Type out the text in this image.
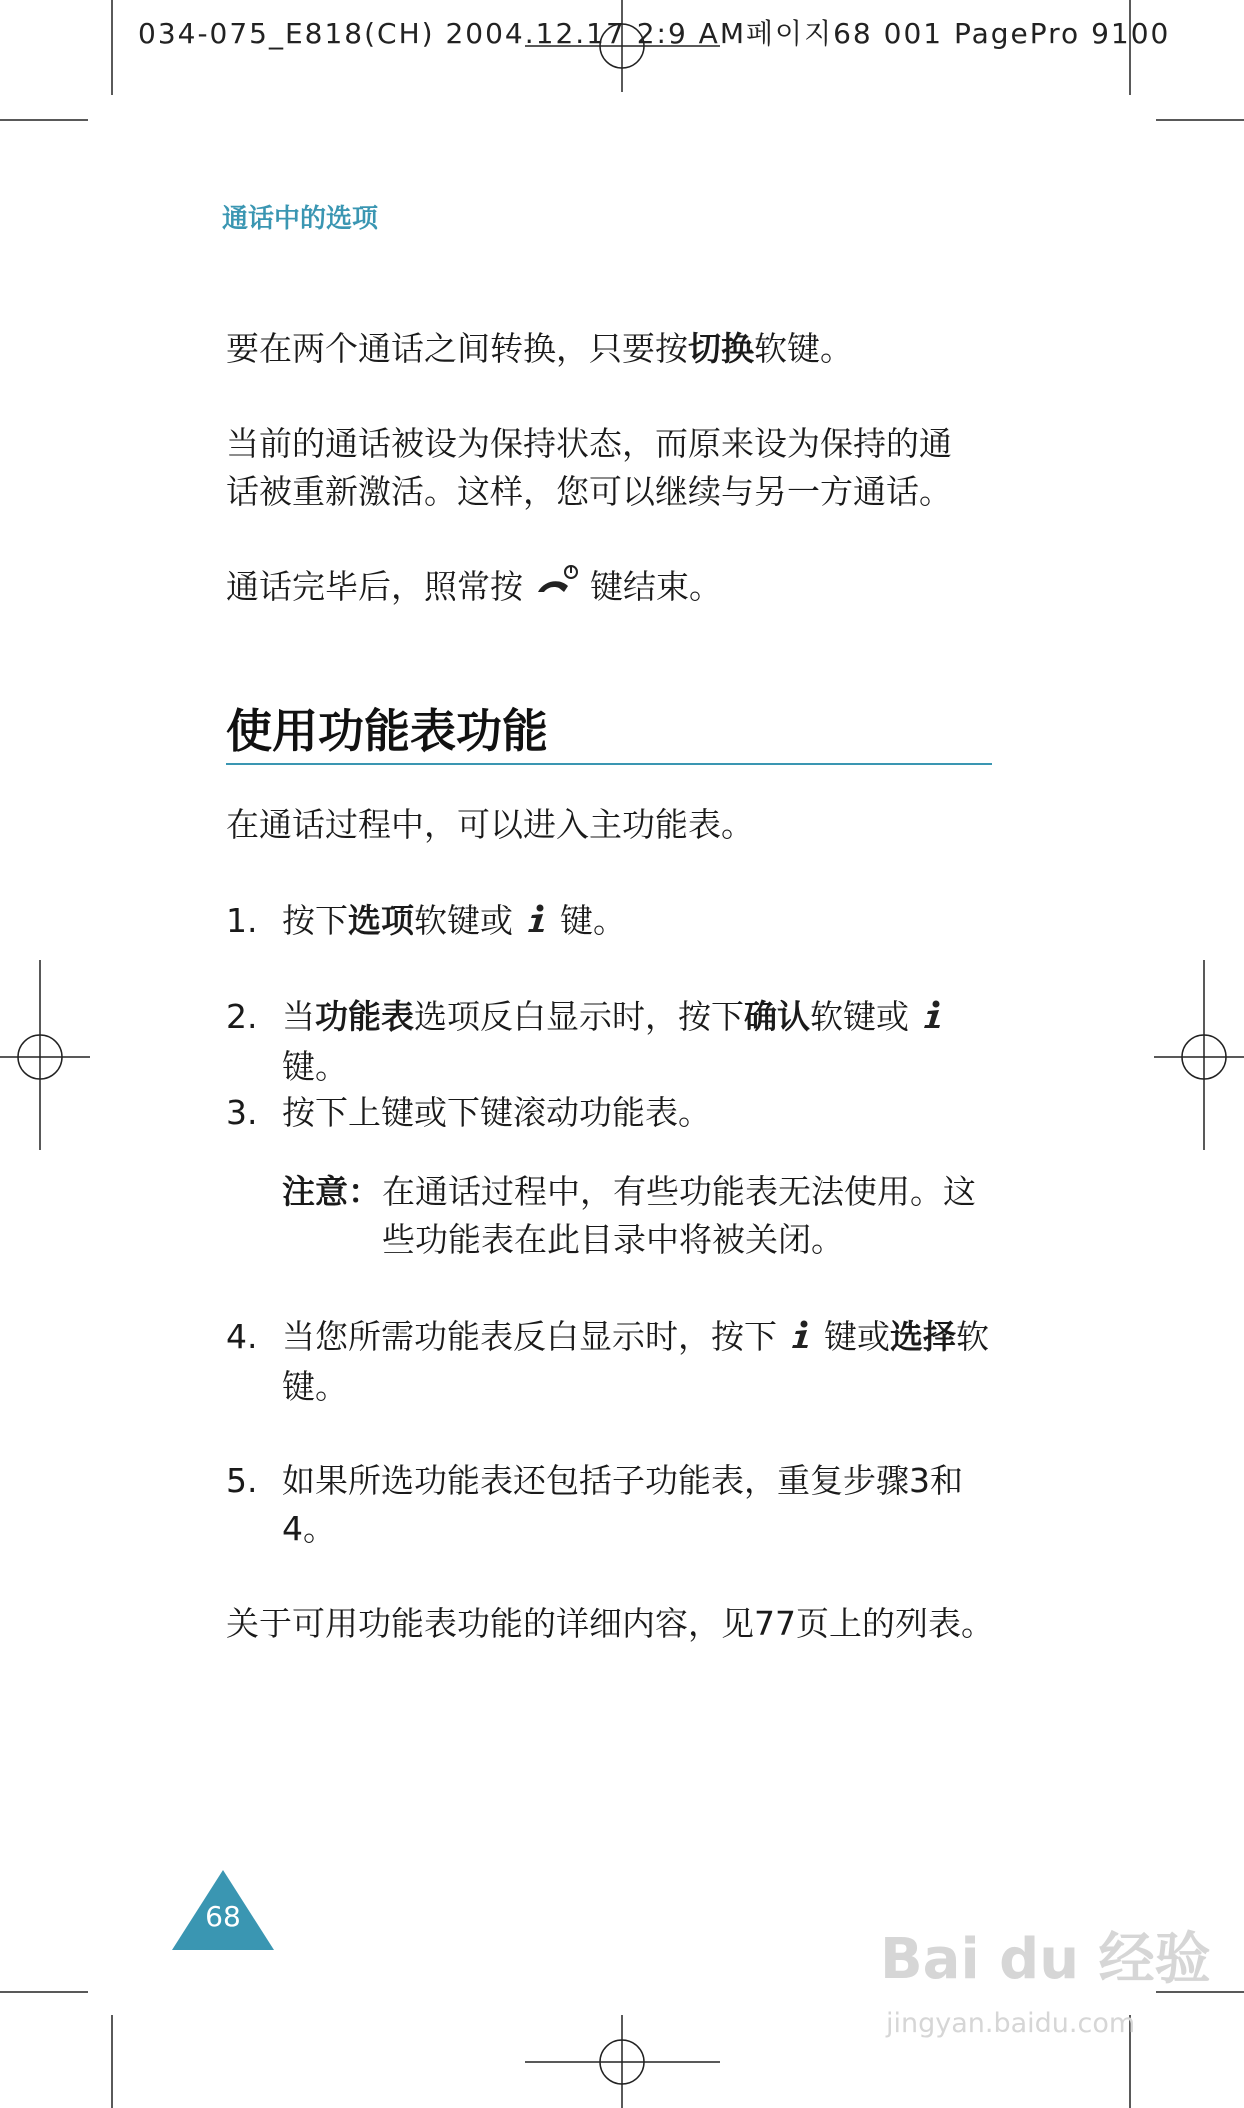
034-075_E818(CH) 2004.12.17 2:9 AM페이지68 001 PagePro 9100
通话中的选项
要在两个通话之间转换，只要按切换软键。
当前的通话被设为保持状态，而原来设为保持的通
话被重新激活。这样，您可以继续与另一方通话。
通话完毕后，照常按 键结束。
使用功能表功能
在通话过程中，可以进入主功能表。
1. 按下选项软键或 键。
2. 当功能表选项反白显示时，按下确认软键或  键。
3. 按下上键或下键滚动功能表。
注意： 在通话过程中，有些功能表无法使用。这
些功能表在此目录中将被关闭。
4. 当您所需功能表反白显示时，按下 键或选择软
键。
5. 如果所选功能表还包括子功能表，重复步骤3和
4。
关于可用功能表功能的详细内容，见77页上的列表。
68
Bai du 经验
jingyan.baidu.com
